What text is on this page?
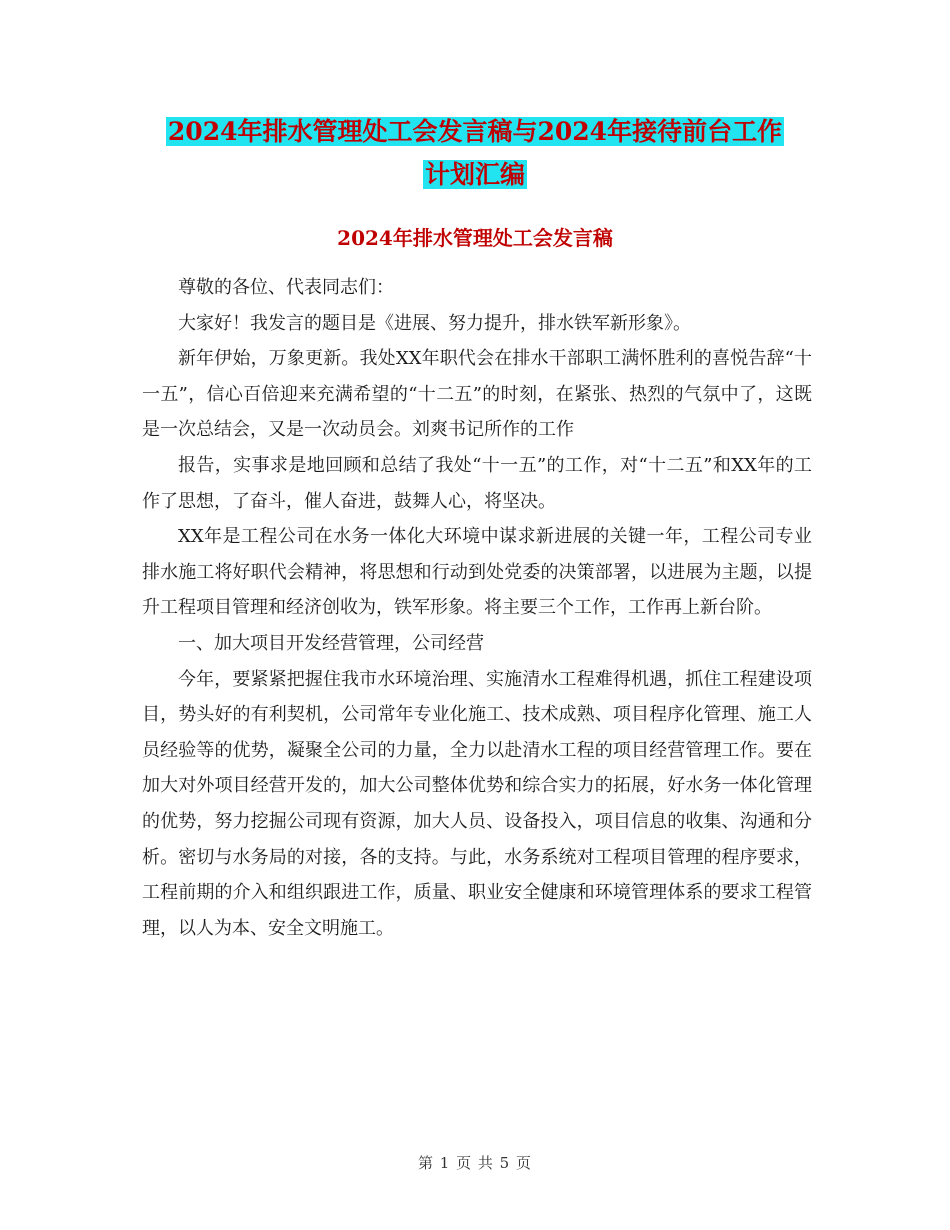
2024年排水管理处工会发言稿与2024年接待前台工作
计划汇编
2024年排水管理处工会发言稿

尊敬的各位、代表同志们：

大家好！我发言的题目是《进展、努力提升，排水铁军新形象》。

新年伊始，万象更新。我处XX年职代会在排水干部职工满怀胜利的喜悦告辞“十一五”，信心百倍迎来充满希望的“十二五”的时刻，在紧张、热烈的气氛中了，这既是一次总结会，又是一次动员会。刘爽书记所作的工作

报告，实事求是地回顾和总结了我处“十一五”的工作，对“十二五”和XX年的工作了思想，了奋斗，催人奋进，鼓舞人心，将坚决。

XX年是工程公司在水务一体化大环境中谋求新进展的关键一年，工程公司专业排水施工将好职代会精神，将思想和行动到处党委的决策部署，以进展为主题，以提升工程项目管理和经济创收为，铁军形象。将主要三个工作，工作再上新台阶。

一、加大项目开发经营管理，公司经营

今年，要紧紧把握住我市水环境治理、实施清水工程难得机遇，抓住工程建设项目，势头好的有利契机，公司常年专业化施工、技术成熟、项目程序化管理、施工人员经验等的优势，凝聚全公司的力量，全力以赴清水工程的项目经营管理工作。要在加大对外项目经营开发的，加大公司整体优势和综合实力的拓展，好水务一体化管理的优势，努力挖掘公司现有资源，加大人员、设备投入，项目信息的收集、沟通和分析。密切与水务局的对接，各的支持。与此，水务系统对工程项目管理的程序要求，工程前期的介入和组织跟进工作，质量、职业安全健康和环境管理体系的要求工程管理，以人为本、安全文明施工。

第 1 页 共 5 页
